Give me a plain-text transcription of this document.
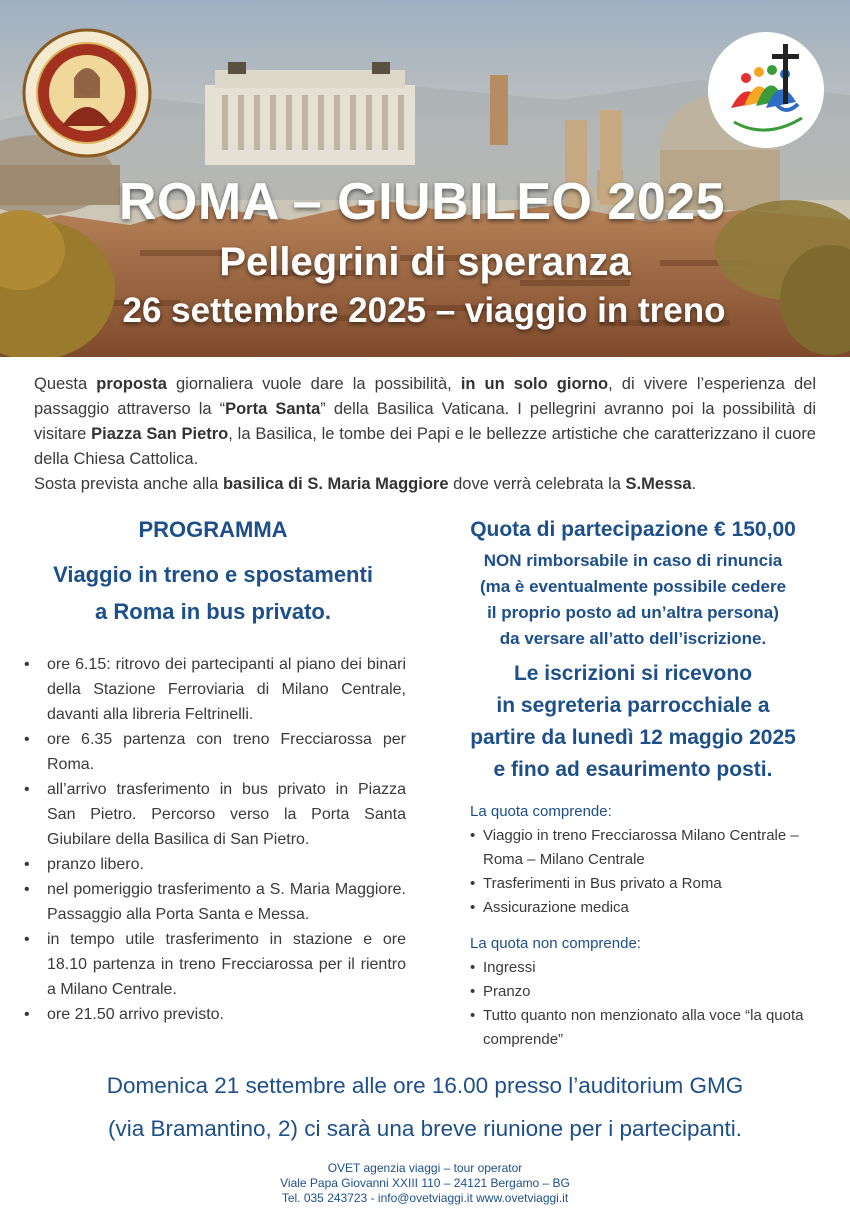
ROMA – GIUBILEO 2025
Pellegrini di speranza
26 settembre 2025 – viaggio in treno

Questa proposta giornaliera vuole dare la possibilità, in un solo giorno, di vivere l’esperienza del passaggio attraverso la “Porta Santa” della Basilica Vaticana. I pellegrini avranno poi la possibilità di visitare Piazza San Pietro, la Basilica, le tombe dei Papi e le bellezze artistiche che caratterizzano il cuore della Chiesa Cattolica.

Sosta prevista anche alla basilica di S. Maria Maggiore dove verrà celebrata la S.Messa.

PROGRAMMA
Viaggio in treno e spostamenti
a Roma in bus privato.
• ore 6.15: ritrovo dei partecipanti al piano dei binari della Stazione Ferroviaria di Milano Centrale, davanti alla libreria Feltrinelli.
• ore 6.35 partenza con treno Frecciarossa per Roma.
• all’arrivo trasferimento in bus privato in Piazza San Pietro. Percorso verso la Porta Santa Giubilare della Basilica di San Pietro.
• pranzo libero.
• nel pomeriggio trasferimento a S. Maria Maggiore. Passaggio alla Porta Santa e Messa.
• in tempo utile trasferimento in stazione e ore 18.10 partenza in treno Frecciarossa per il rientro a Milano Centrale.
• ore 21.50 arrivo previsto.
Quota di partecipazione € 150,00
NON rimborsabile in caso di rinuncia
(ma è eventualmente possibile cedere
il proprio posto ad un’altra persona)
da versare all’atto dell’iscrizione.
Le iscrizioni si ricevono
in segreteria parrocchiale a
partire da lunedì 12 maggio 2025
e fino ad esaurimento posti.
La quota comprende:
• Viaggio in treno Frecciarossa Milano Centrale – Roma – Milano Centrale
• Trasferimenti in Bus privato a Roma
• Assicurazione medica
La quota non comprende:
• Ingressi
• Pranzo
• Tutto quanto non menzionato alla voce “la quota comprende”
Domenica 21 settembre alle ore 16.00 presso l’auditorium GMG
(via Bramantino, 2) ci sarà una breve riunione per i partecipanti.
OVET agenzia viaggi – tour operator
Viale Papa Giovanni XXIII 110 – 24121 Bergamo – BG
Tel. 035 243723 - info@ovetviaggi.it www.ovetviaggi.it
